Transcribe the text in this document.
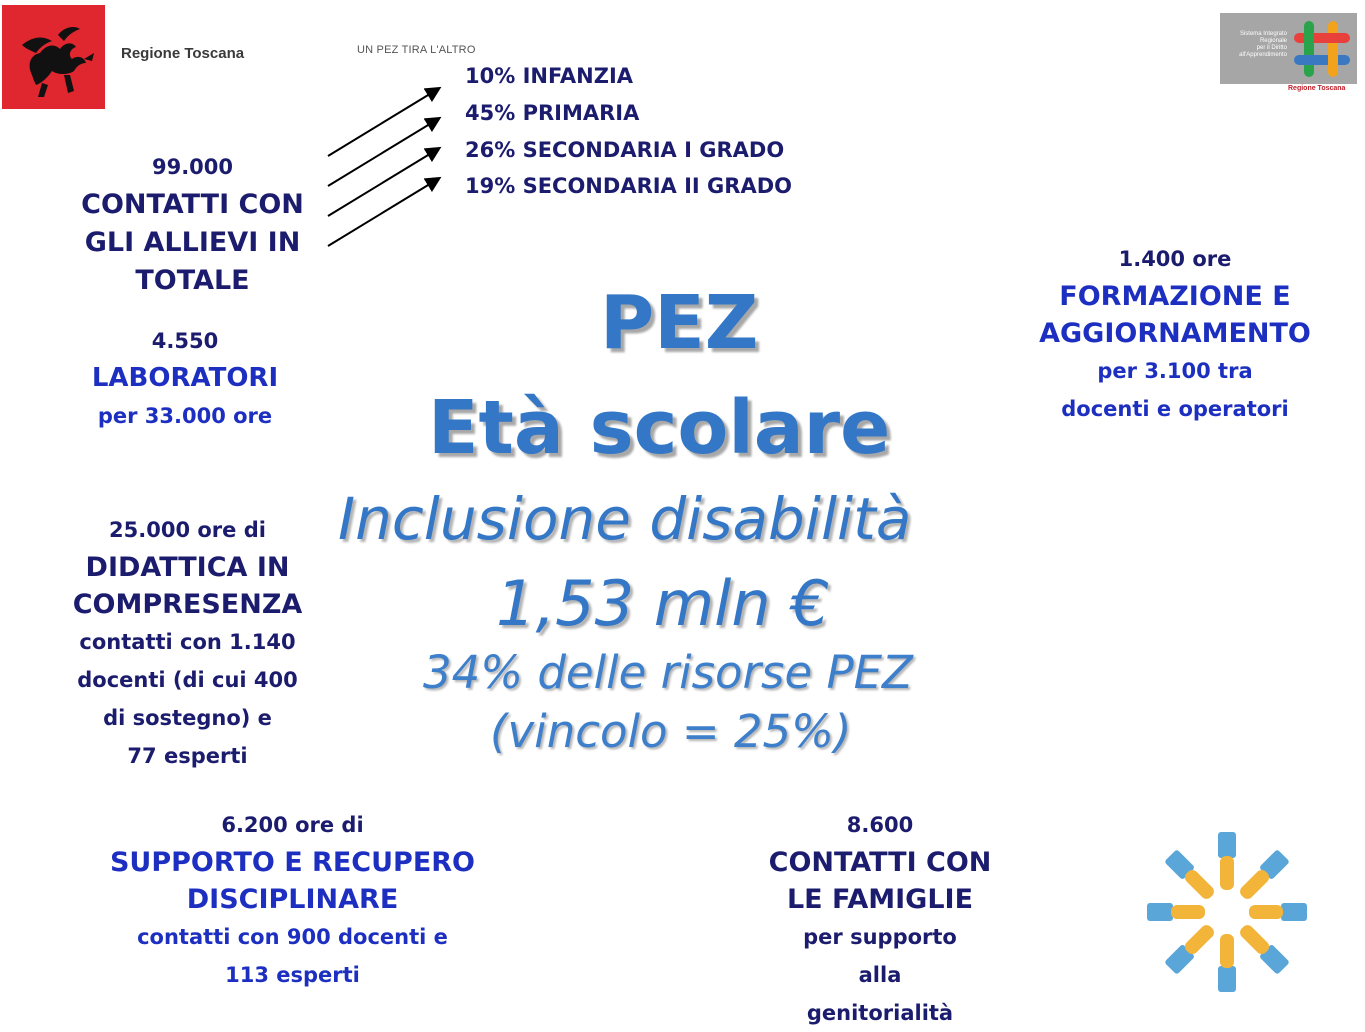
Regione Toscana	UN PEZ TIRA L'ALTRO
Sistema Integrato
Regionale
per il Diritto
all'Apprendimento
Regione Toscana
99.000
CONTATTI CON
GLI ALLIEVI IN
TOTALE
10% INFANZIA
45% PRIMARIA
26% SECONDARIA I GRADO
19% SECONDARIA II GRADO
4.550
LABORATORI
per 33.000 ore
1.400 ore
FORMAZIONE E
AGGIORNAMENTO
per 3.100 tra
docenti e operatori
PEZ
Età scolare
Inclusione disabilità
1,53 mln €
34% delle risorse PEZ
(vincolo = 25%)
25.000 ore di
DIDATTICA IN
COMPRESENZA
contatti con 1.140
docenti (di cui 400
di sostegno) e
77 esperti
6.200 ore di
SUPPORTO E RECUPERO
DISCIPLINARE
contatti con 900 docenti e
113 esperti
8.600
CONTATTI CON
LE FAMIGLIE
per supporto
alla
genitorialità
